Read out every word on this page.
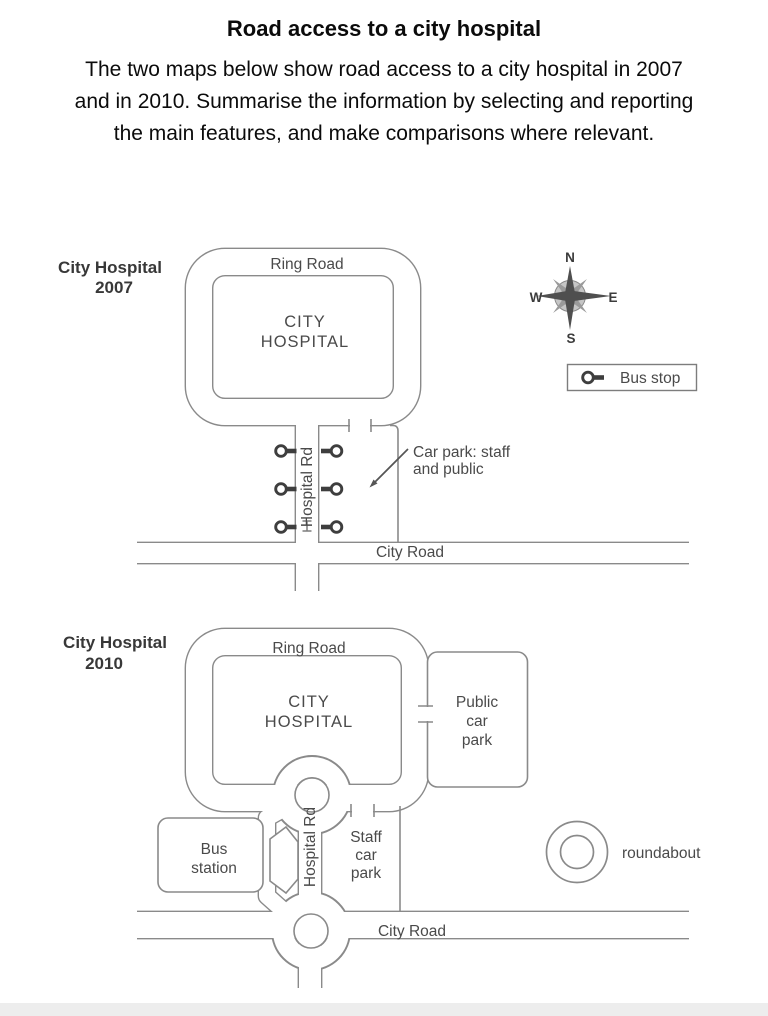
Road access to a city hospital
The two maps below show road access to a city hospital in 2007 and in 2010. Summarise the information by selecting and reporting the main features, and make comparisons where relevant.
City Hospital
2007
Ring Road
CITY
HOSPITAL
Hospital Rd
City Road
Car park: staff
and public
N
S
W	E
Bus stop
City Hospital
2010
Ring Road
CITY
HOSPITAL
Public
car
park
Bus
station
Staff
car
park
Hospital Rd
City Road
roundabout
